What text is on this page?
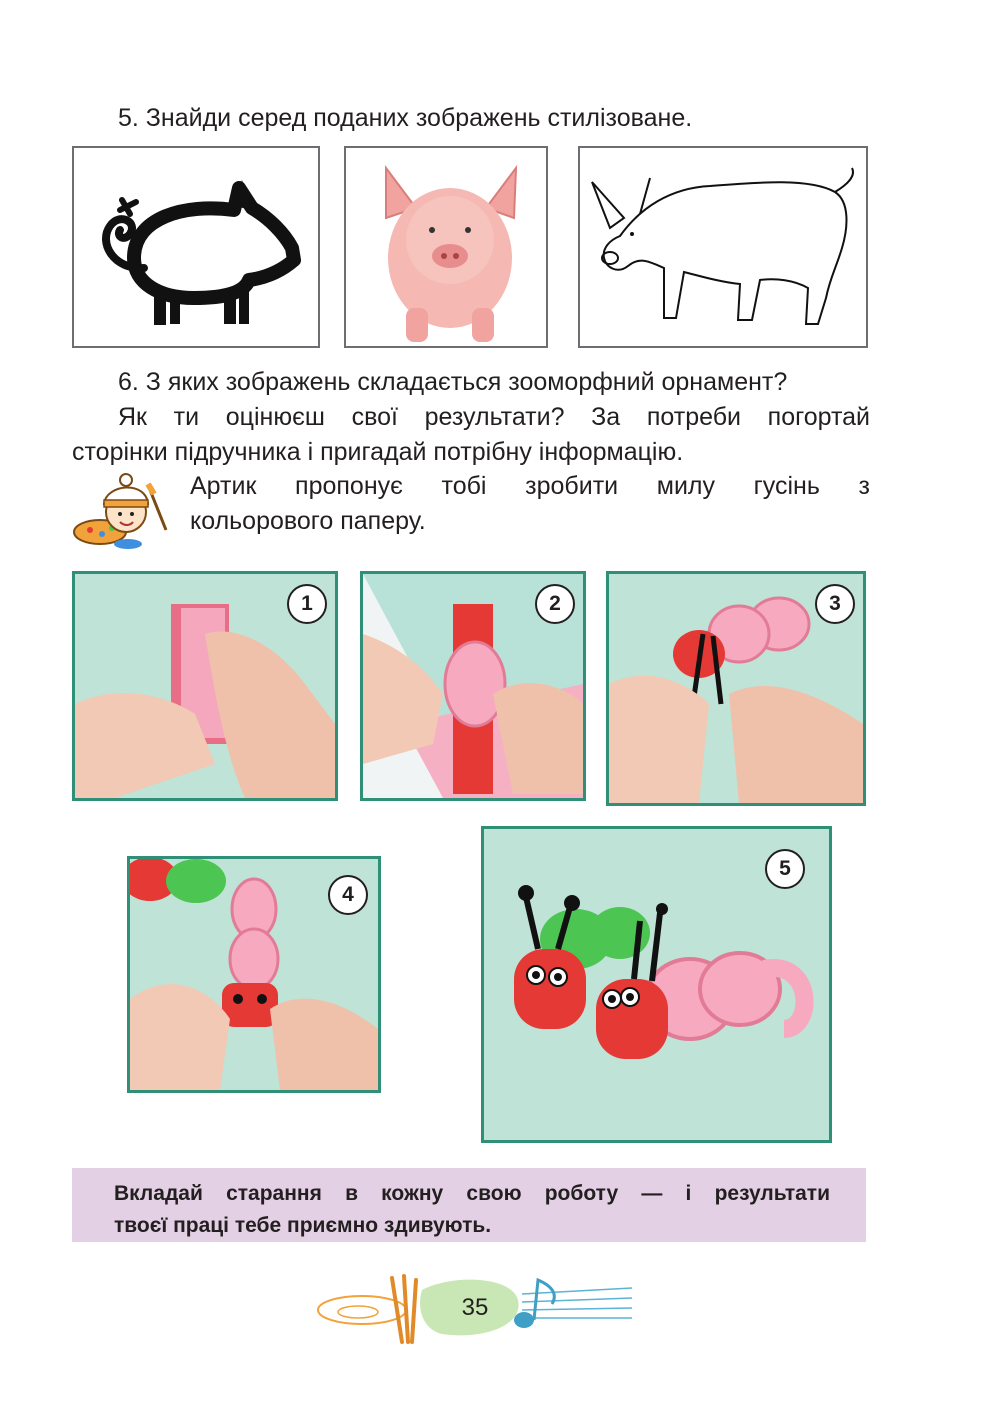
5. Знайди серед поданих зображень стилізоване.
6. З яких зображень складається зооморфний орнамент?
Як ти оцінюєш свої результати? За потреби погортай
сторінки підручника і пригадай потрібну інформацію.
Артик пропонує тобі зробити милу гусінь з
кольорового паперу.
1	2	3
4
5
Вкладай старання в кожну свою роботу — і результати
твоєї праці тебе приємно здивують.
35
